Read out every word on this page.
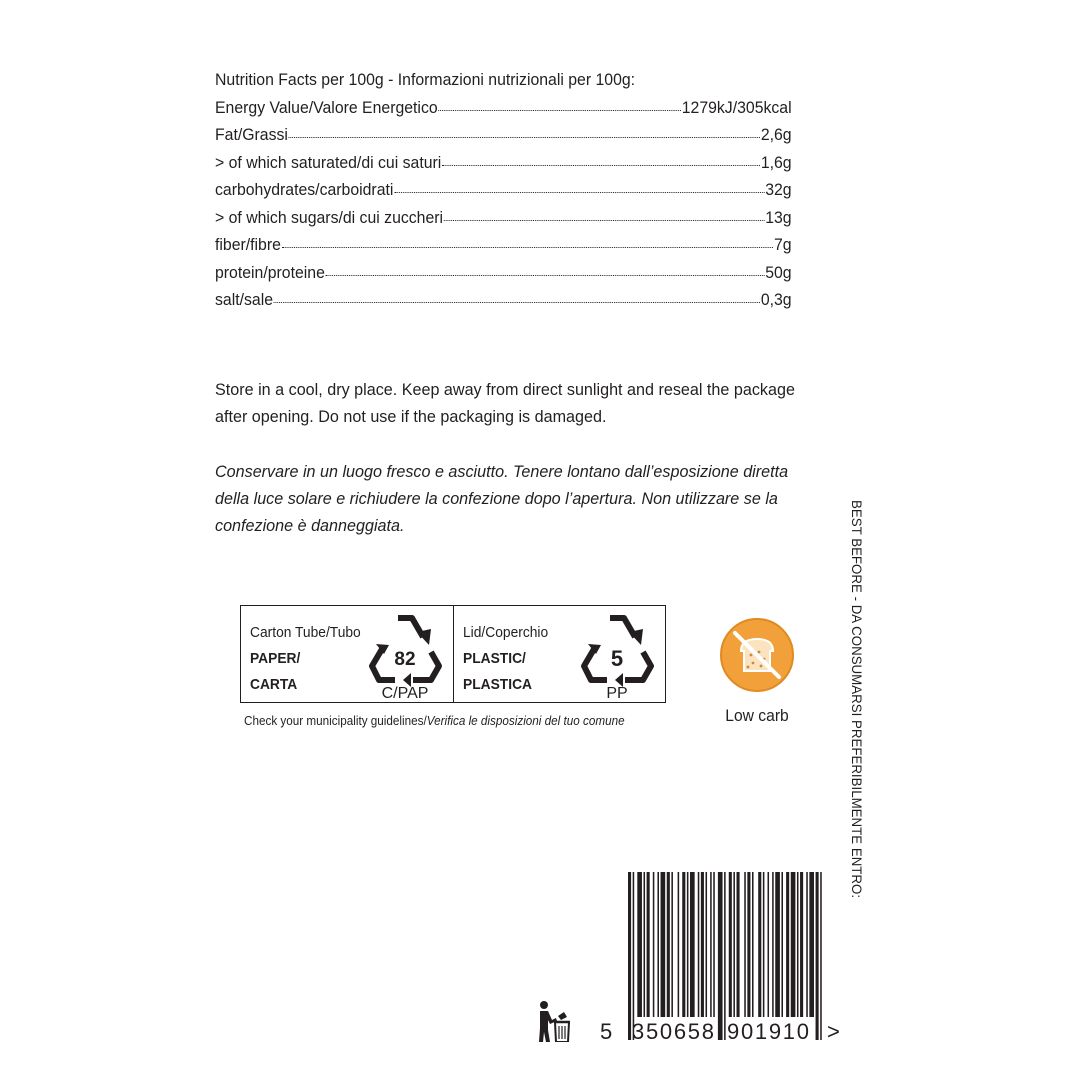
Nutrition Facts per 100g - Informazioni nutrizionali per 100g:
Energy Value/Valore Energetico	1279kJ/305kcal
Fat/Grassi	2,6g
> of which saturated/di cui saturi	1,6g
carbohydrates/carboidrati	32g
> of which sugars/di cui zuccheri	13g
fiber/fibre	7g
protein/proteine	50g
salt/sale	0,3g
Store in a cool, dry place. Keep away from direct sunlight and reseal the package after opening. Do not use if the packaging is damaged.
Conservare in un luogo fresco e asciutto. Tenere lontano dall’esposizione diretta della luce solare e richiudere la confezione dopo l’apertura. Non utilizzare se la confezione è danneggiata.
Carton Tube/Tubo
PAPER/
CARTA
82
C/PAP
Lid/Coperchio
PLASTIC/
PLASTICA
5
PP
Check your municipality guidelines/Verifica le disposizioni del tuo comune	Low carb	BEST BEFORE - DA CONSUMARSI PREFERIBILMENTE ENTRO:
5 350658 901910 >
